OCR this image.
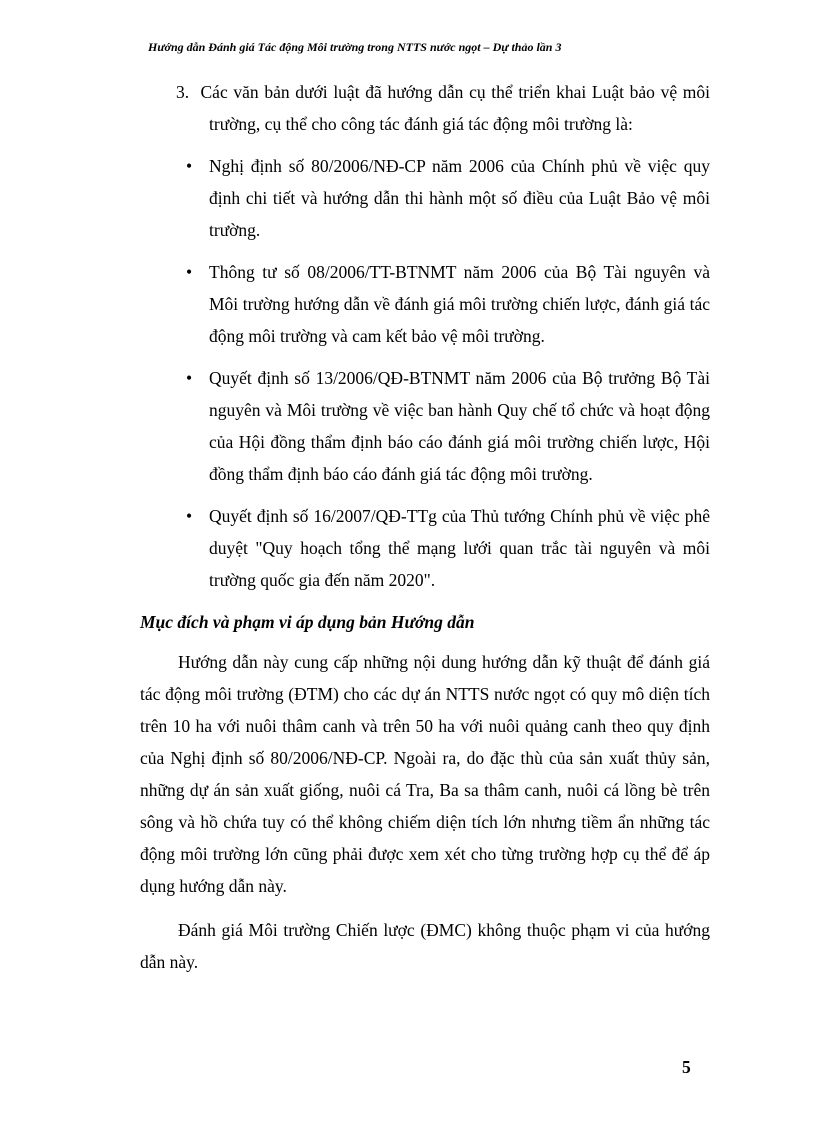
Hướng dẫn Đánh giá Tác động Môi trường trong NTTS nước ngọt – Dự thảo lần 3

3. Các văn bản dưới luật đã hướng dẫn cụ thể triển khai Luật bảo vệ môi trường, cụ thể cho công tác đánh giá tác động môi trường là:

• Nghị định số 80/2006/NĐ-CP năm 2006 của Chính phủ về việc quy định chi tiết và hướng dẫn thi hành một số điều của Luật Bảo vệ môi trường.
• Thông tư số 08/2006/TT-BTNMT năm 2006 của Bộ Tài nguyên và Môi trường hướng dẫn về đánh giá môi trường chiến lược, đánh giá tác động môi trường và cam kết bảo vệ môi trường.
• Quyết định số 13/2006/QĐ-BTNMT năm 2006 của Bộ trưởng Bộ Tài nguyên và Môi trường về việc ban hành Quy chế tổ chức và hoạt động của Hội đồng thẩm định báo cáo đánh giá môi trường chiến lược, Hội đồng thẩm định báo cáo đánh giá tác động môi trường.
• Quyết định số 16/2007/QĐ-TTg của Thủ tướng Chính phủ về việc phê duyệt "Quy hoạch tổng thể mạng lưới quan trắc tài nguyên và môi trường quốc gia đến năm 2020".
Mục đích và phạm vi áp dụng bản Hướng dẫn

Hướng dẫn này cung cấp những nội dung hướng dẫn kỹ thuật để đánh giá tác động môi trường (ĐTM) cho các dự án NTTS nước ngọt có quy mô diện tích trên 10 ha với nuôi thâm canh và trên 50 ha với nuôi quảng canh theo quy định của Nghị định số 80/2006/NĐ-CP. Ngoài ra, do đặc thù của sản xuất thủy sản, những dự án sản xuất giống, nuôi cá Tra, Ba sa thâm canh, nuôi cá lồng bè trên sông và hồ chứa tuy có thể không chiếm diện tích lớn nhưng tiềm ẩn những tác động môi trường lớn cũng phải được xem xét cho từng trường hợp cụ thể để áp dụng hướng dẫn này.

Đánh giá Môi trường Chiến lược (ĐMC) không thuộc phạm vi của hướng dẫn này.

5
